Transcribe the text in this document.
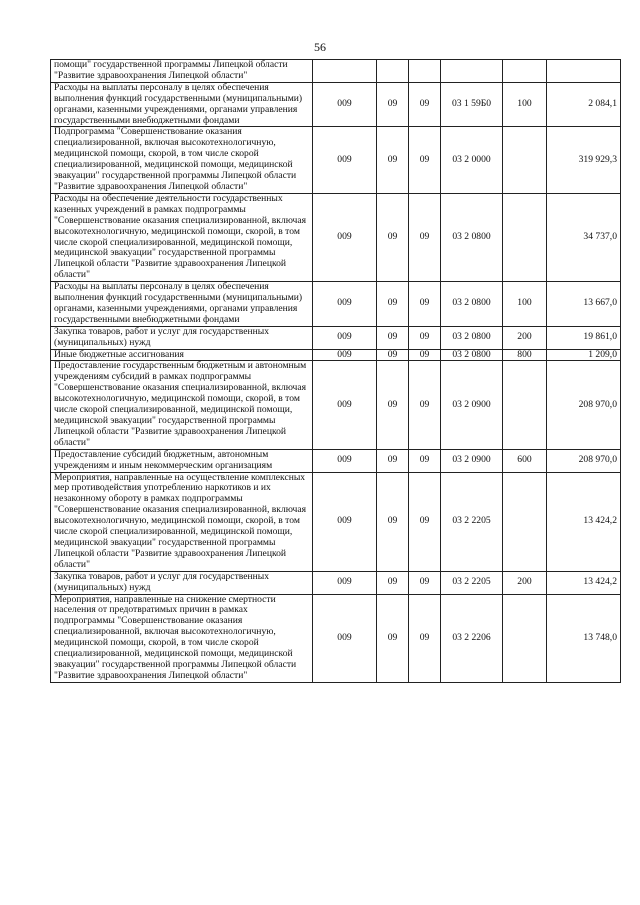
56
помощи" государственной программы Липецкой области "Развитие здравоохранения Липецкой области"						
Расходы на выплаты персоналу в целях обеспечения выполнения функций государственными (муниципальными) органами, казенными учреждениями, органами управления государственными внебюджетными фондами	009	09	09	03 1 59Б0	100	2 084,1
Подпрограмма "Совершенствование оказания специализированной, включая высокотехнологичную, медицинской помощи, скорой, в том числе скорой специализированной, медицинской помощи, медицинской эвакуации" государственной программы Липецкой области "Развитие здравоохранения Липецкой области"	009	09	09	03 2 0000		319 929,3
Расходы на обеспечение деятельности государственных казенных учреждений в рамках подпрограммы "Совершенствование оказания специализированной, включая высокотехнологичную, медицинской помощи, скорой, в том числе скорой специализированной, медицинской помощи, медицинской эвакуации" государственной программы Липецкой области "Развитие здравоохранения Липецкой области"	009	09	09	03 2 0800		34 737,0
Расходы на выплаты персоналу в целях обеспечения выполнения функций государственными (муниципальными) органами, казенными учреждениями, органами управления государственными внебюджетными фондами	009	09	09	03 2 0800	100	13 667,0
Закупка товаров, работ и услуг для государственных (муниципальных) нужд	009	09	09	03 2 0800	200	19 861,0
Иные бюджетные ассигнования	009	09	09	03 2 0800	800	1 209,0
Предоставление государственным бюджетным и автономным учреждениям субсидий в рамках подпрограммы "Совершенствование оказания специализированной, включая высокотехнологичную, медицинской помощи, скорой, в том числе скорой специализированной, медицинской помощи, медицинской эвакуации" государственной программы Липецкой области "Развитие здравоохранения Липецкой области"	009	09	09	03 2 0900		208 970,0
Предоставление субсидий бюджетным, автономным учреждениям и иным некоммерческим организациям	009	09	09	03 2 0900	600	208 970,0
Мероприятия, направленные на осуществление комплексных мер противодействия употреблению наркотиков и их незаконному обороту в рамках подпрограммы "Совершенствование оказания специализированной, включая высокотехнологичную, медицинской помощи, скорой, в том числе скорой специализированной, медицинской помощи, медицинской эвакуации" государственной программы Липецкой области "Развитие здравоохранения Липецкой области"	009	09	09	03 2 2205		13 424,2
Закупка товаров, работ и услуг для государственных (муниципальных) нужд	009	09	09	03 2 2205	200	13 424,2
Мероприятия, направленные на снижение смертности населения от предотвратимых причин в рамках подпрограммы "Совершенствование оказания специализированной, включая высокотехнологичную, медицинской помощи, скорой, в том числе скорой специализированной, медицинской помощи, медицинской эвакуации" государственной программы Липецкой области "Развитие здравоохранения Липецкой области"	009	09	09	03 2 2206		13 748,0
